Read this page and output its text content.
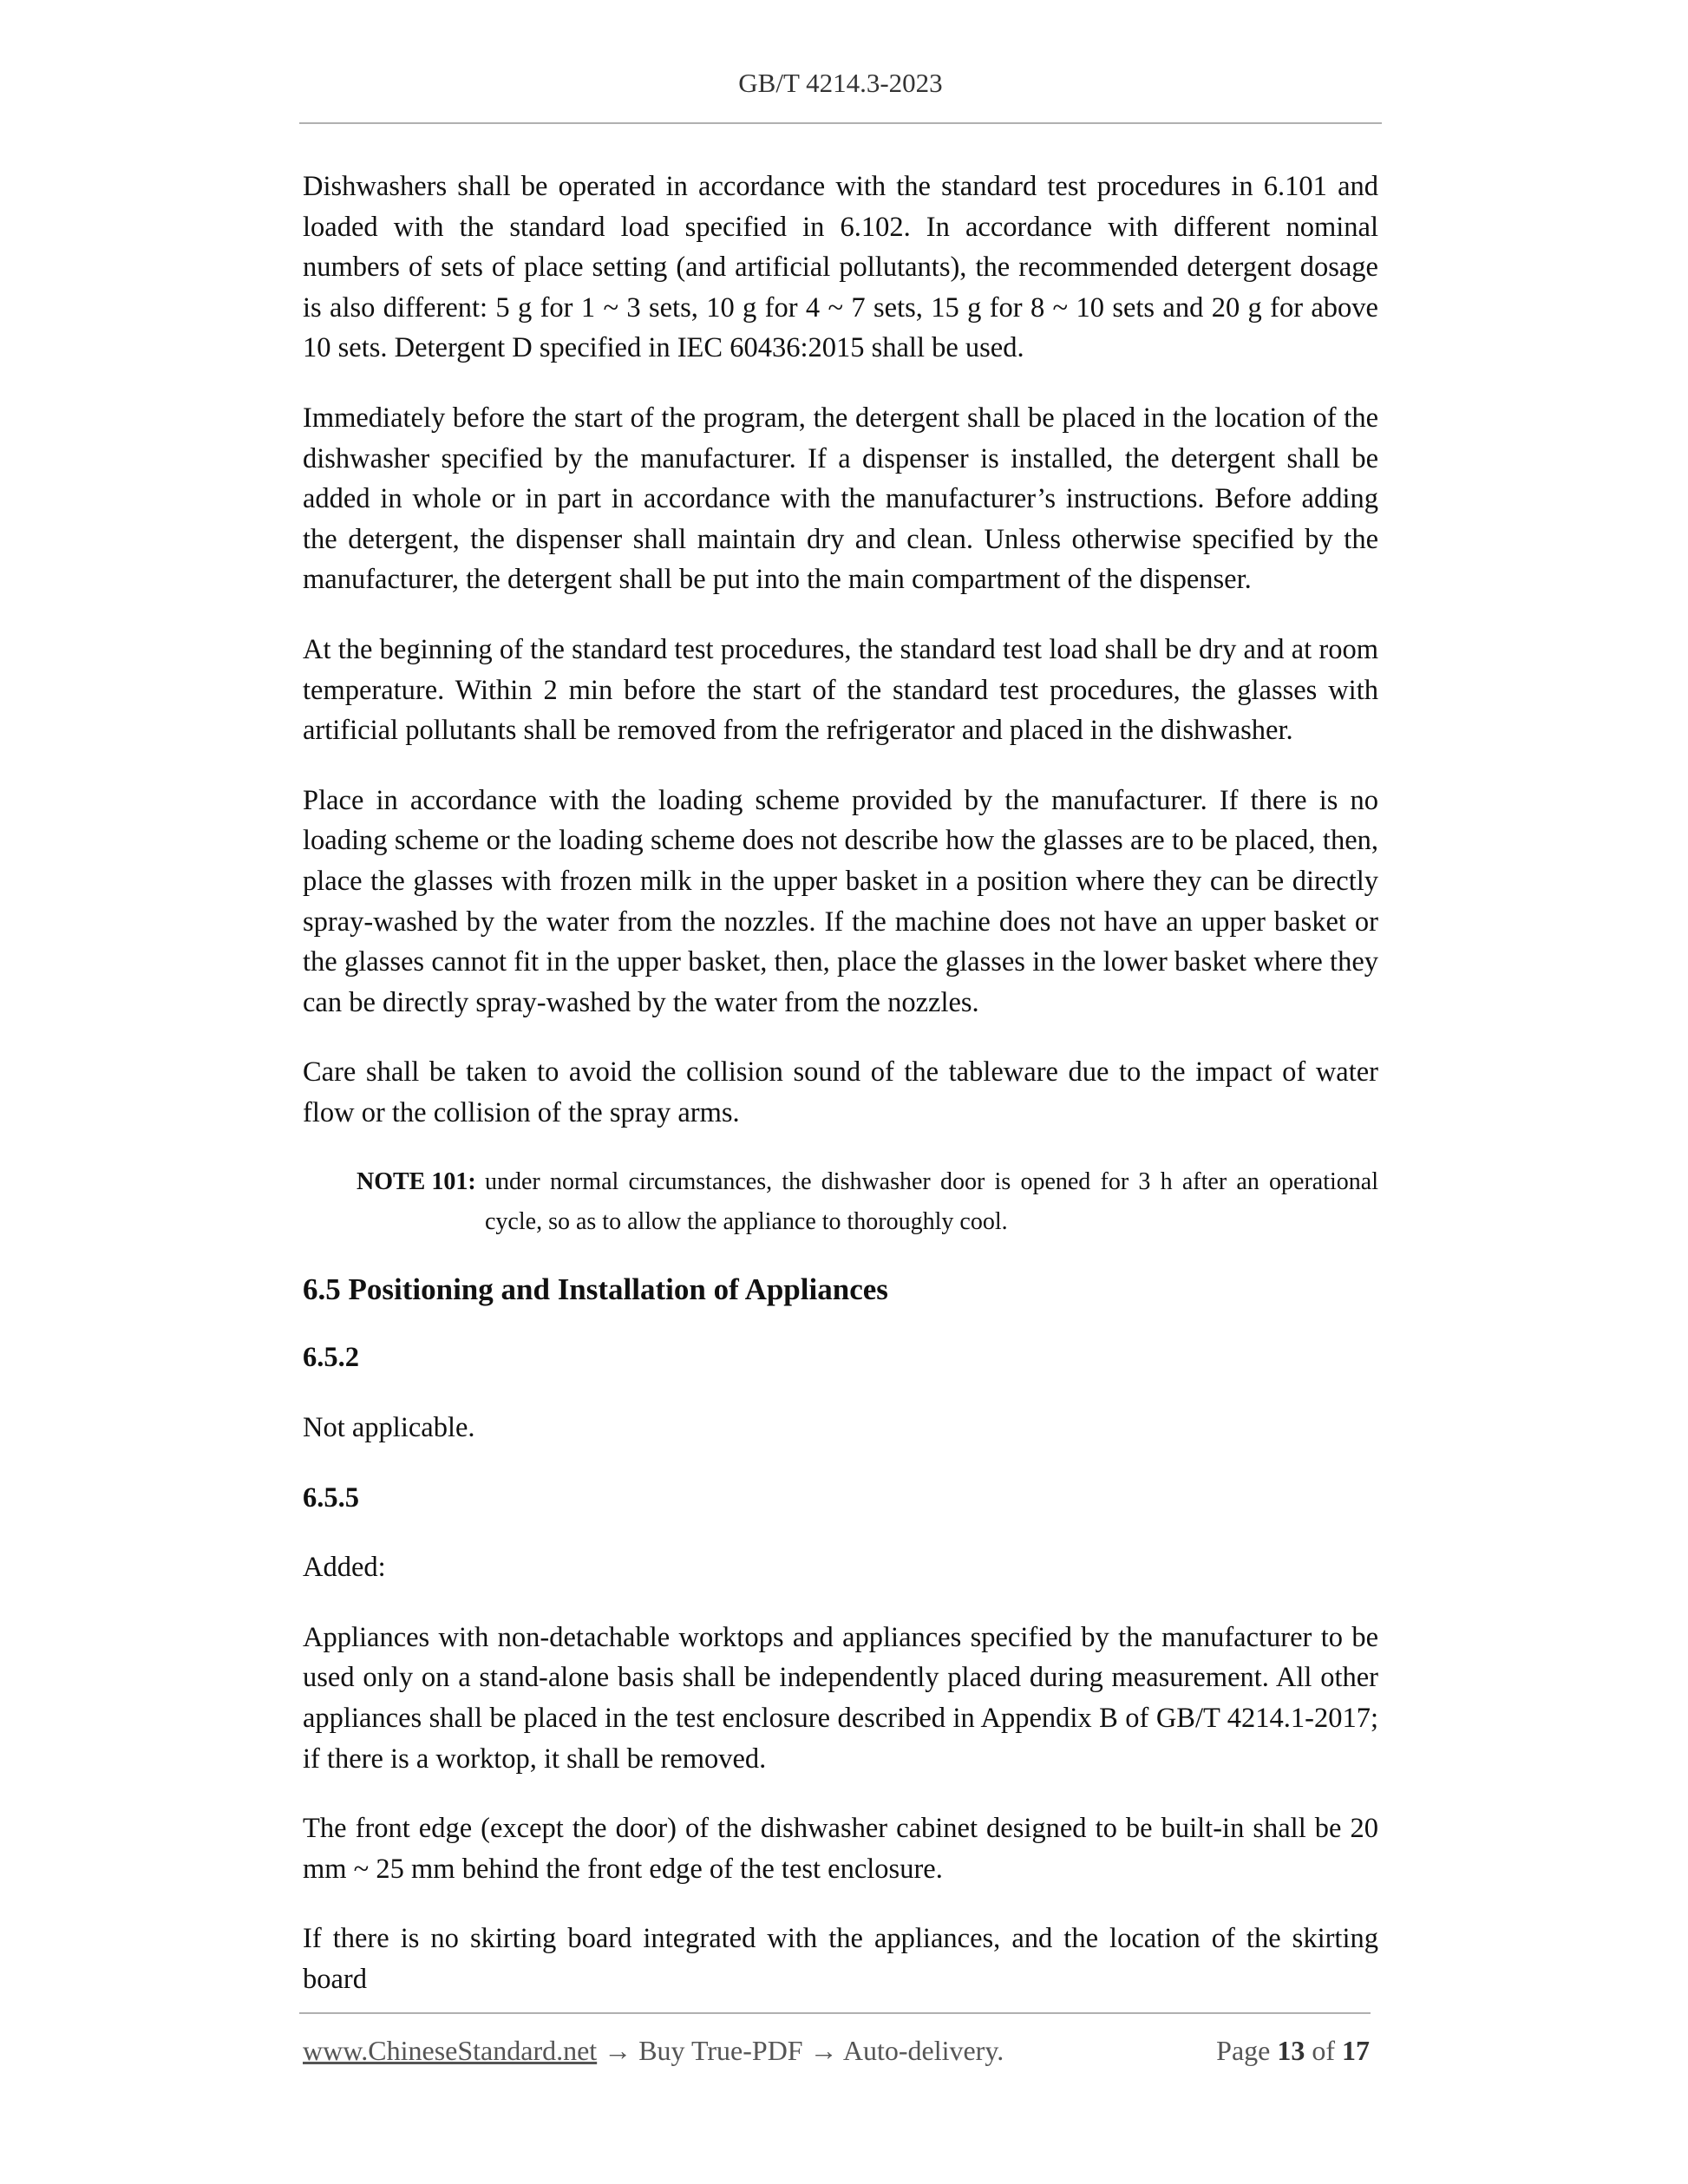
GB/T 4214.3-2023

Dishwashers shall be operated in accordance with the standard test procedures in 6.101 and loaded with the standard load specified in 6.102. In accordance with different nominal numbers of sets of place setting (and artificial pollutants), the recommended detergent dosage is also different: 5 g for 1 ~ 3 sets, 10 g for 4 ~ 7 sets, 15 g for 8 ~ 10 sets and 20 g for above 10 sets. Detergent D specified in IEC 60436:2015 shall be used.

Immediately before the start of the program, the detergent shall be placed in the location of the dishwasher specified by the manufacturer. If a dispenser is installed, the detergent shall be added in whole or in part in accordance with the manufacturer’s instructions. Before adding the detergent, the dispenser shall maintain dry and clean. Unless otherwise specified by the manufacturer, the detergent shall be put into the main compartment of the dispenser.

At the beginning of the standard test procedures, the standard test load shall be dry and at room temperature. Within 2 min before the start of the standard test procedures, the glasses with artificial pollutants shall be removed from the refrigerator and placed in the dishwasher.

Place in accordance with the loading scheme provided by the manufacturer. If there is no loading scheme or the loading scheme does not describe how the glasses are to be placed, then, place the glasses with frozen milk in the upper basket in a position where they can be directly spray-washed by the water from the nozzles. If the machine does not have an upper basket or the glasses cannot fit in the upper basket, then, place the glasses in the lower basket where they can be directly spray-washed by the water from the nozzles.

Care shall be taken to avoid the collision sound of the tableware due to the impact of water flow or the collision of the spray arms.

NOTE 101: under normal circumstances, the dishwasher door is opened for 3 h after an operational cycle, so as to allow the appliance to thoroughly cool.
6.5 Positioning and Installation of Appliances
6.5.2

Not applicable.

6.5.5

Added:

Appliances with non-detachable worktops and appliances specified by the manufacturer to be used only on a stand-alone basis shall be independently placed during measurement. All other appliances shall be placed in the test enclosure described in Appendix B of GB/T 4214.1-2017; if there is a worktop, it shall be removed.

The front edge (except the door) of the dishwasher cabinet designed to be built-in shall be 20 mm ~ 25 mm behind the front edge of the test enclosure.

If there is no skirting board integrated with the appliances, and the location of the skirting board

www.ChineseStandard.net → Buy True-PDF → Auto-delivery.	Page 13 of 17
